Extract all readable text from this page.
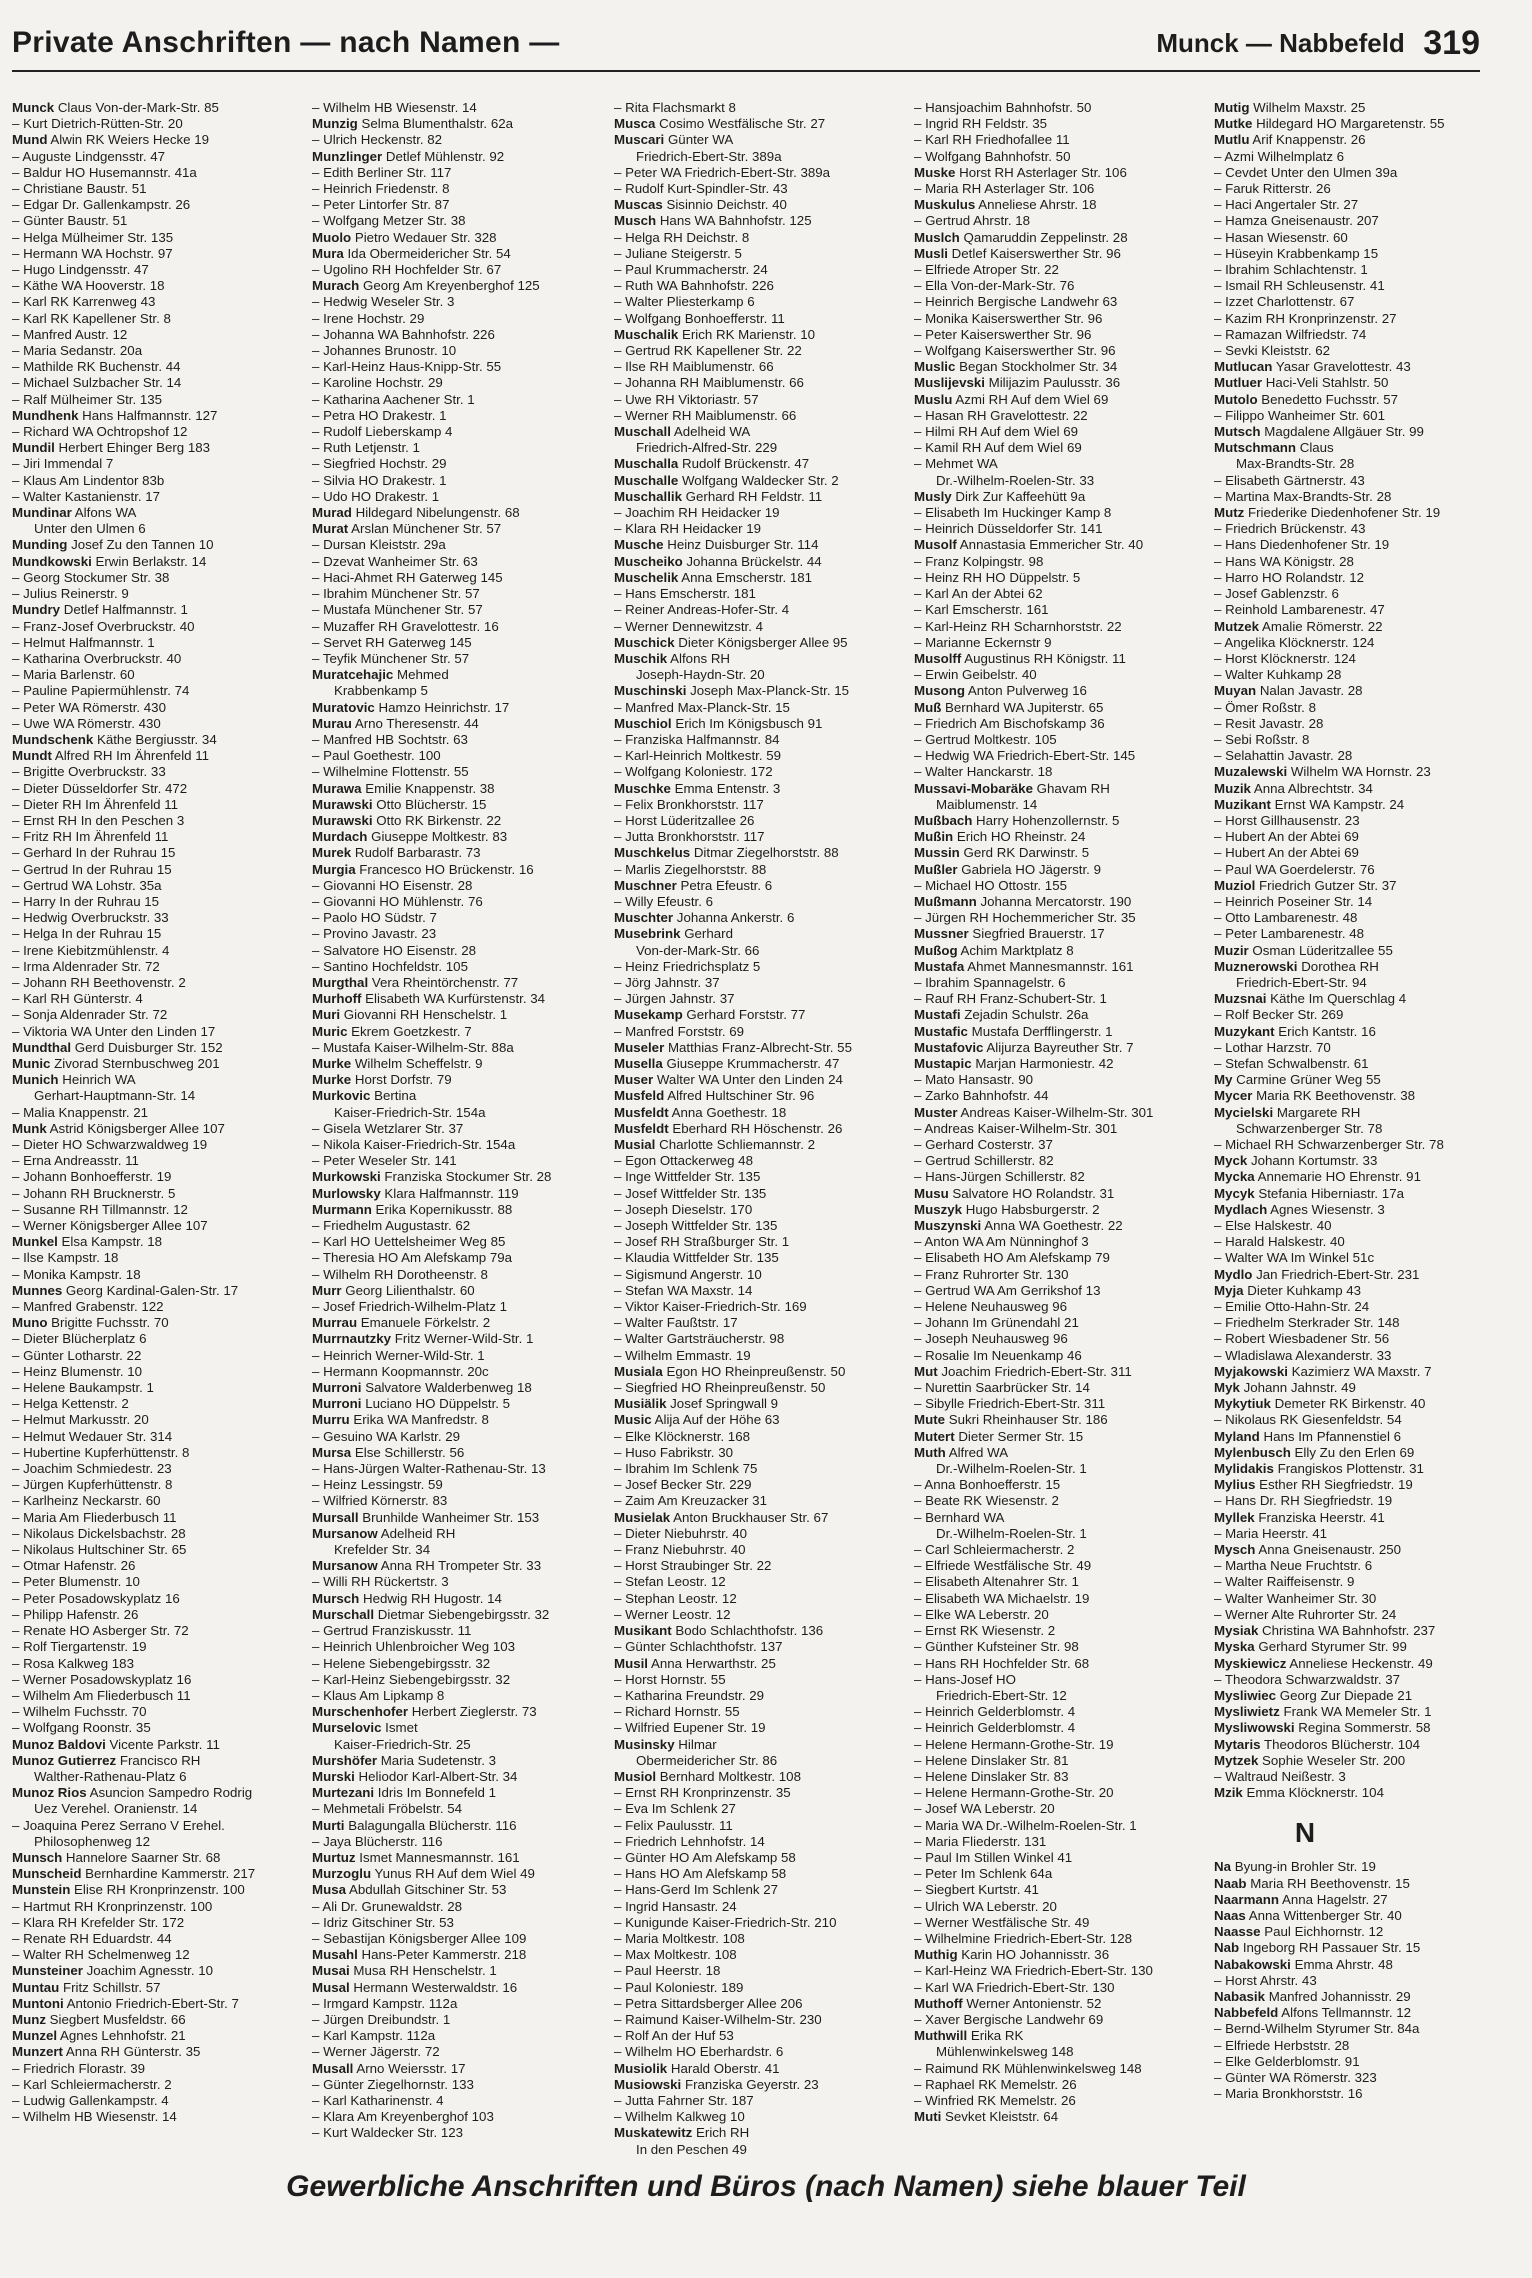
Private Anschriften — nach Namen —	Munck — Nabbefeld 319
Munck Claus Von-der-Mark-Str. 85
– Kurt Dietrich-Rütten-Str. 20
Mund Alwin RK Weiers Hecke 19
– Auguste Lindgensstr. 47
– Baldur HO Husemannstr. 41a
– Christiane Baustr. 51
– Edgar Dr. Gallenkampstr. 26
– Günter Baustr. 51
– Helga Mülheimer Str. 135
– Hermann WA Hochstr. 97
– Hugo Lindgensstr. 47
– Käthe WA Hooverstr. 18
– Karl RK Karrenweg 43
– Karl RK Kapellener Str. 8
– Manfred Austr. 12
– Maria Sedanstr. 20a
– Mathilde RK Buchenstr. 44
– Michael Sulzbacher Str. 14
– Ralf Mülheimer Str. 135
Mundhenk Hans Halfmannstr. 127
– Richard WA Ochtropshof 12
Mundil Herbert Ehinger Berg 183
– Jiri Immendal 7
– Klaus Am Lindentor 83b
– Walter Kastanienstr. 17
Mundinar Alfons WA
Unter den Ulmen 6
Munding Josef Zu den Tannen 10
Mundkowski Erwin Berlakstr. 14
– Georg Stockumer Str. 38
– Julius Reinerstr. 9
Mundry Detlef Halfmannstr. 1
– Franz-Josef Overbruckstr. 40
– Helmut Halfmannstr. 1
– Katharina Overbruckstr. 40
– Maria Barlenstr. 60
– Pauline Papiermühlenstr. 74
– Peter WA Römerstr. 430
– Uwe WA Römerstr. 430
Mundschenk Käthe Bergiusstr. 34
Mundt Alfred RH Im Ährenfeld 11
– Brigitte Overbruckstr. 33
– Dieter Düsseldorfer Str. 472
– Dieter RH Im Ährenfeld 11
– Ernst RH In den Peschen 3
– Fritz RH Im Ährenfeld 11
– Gerhard In der Ruhrau 15
– Gertrud In der Ruhrau 15
– Gertrud WA Lohstr. 35a
– Harry In der Ruhrau 15
– Hedwig Overbruckstr. 33
– Helga In der Ruhrau 15
– Irene Kiebitzmühlenstr. 4
– Irma Aldenrader Str. 72
– Johann RH Beethovenstr. 2
– Karl RH Günterstr. 4
– Sonja Aldenrader Str. 72
– Viktoria WA Unter den Linden 17
Mundthal Gerd Duisburger Str. 152
Munic Zivorad Sternbuschweg 201
Munich Heinrich WA
Gerhart-Hauptmann-Str. 14
– Malia Knappenstr. 21
Munk Astrid Königsberger Allee 107
– Dieter HO Schwarzwaldweg 19
– Erna Andreasstr. 11
– Johann Bonhoefferstr. 19
– Johann RH Brucknerstr. 5
– Susanne RH Tillmannstr. 12
– Werner Königsberger Allee 107
Munkel Elsa Kampstr. 18
– Ilse Kampstr. 18
– Monika Kampstr. 18
Munnes Georg Kardinal-Galen-Str. 17
– Manfred Grabenstr. 122
Muno Brigitte Fuchsstr. 70
– Dieter Blücherplatz 6
– Günter Lotharstr. 22
– Heinz Blumenstr. 10
– Helene Baukampstr. 1
– Helga Kettenstr. 2
– Helmut Markusstr. 20
– Helmut Wedauer Str. 314
– Hubertine Kupferhüttenstr. 8
– Joachim Schmiedestr. 23
– Jürgen Kupferhüttenstr. 8
– Karlheinz Neckarstr. 60
– Maria Am Fliederbusch 11
– Nikolaus Dickelsbachstr. 28
– Nikolaus Hultschiner Str. 65
– Otmar Hafenstr. 26
– Peter Blumenstr. 10
– Peter Posadowskyplatz 16
– Philipp Hafenstr. 26
– Renate HO Asberger Str. 72
– Rolf Tiergartenstr. 19
– Rosa Kalkweg 183
– Werner Posadowskyplatz 16
– Wilhelm Am Fliederbusch 11
– Wilhelm Fuchsstr. 70
– Wolfgang Roonstr. 35
Munoz Baldovi Vicente Parkstr. 11
Munoz Gutierrez Francisco RH
Walther-Rathenau-Platz 6
Munoz Rios Asuncion Sampedro Rodrig
Uez Verehel. Oranienstr. 14
– Joaquina Perez Serrano V Erehel.
Philosophenweg 12
Munsch Hannelore Saarner Str. 68
Munscheid Bernhardine Kammerstr. 217
Munstein Elise RH Kronprinzenstr. 100
– Hartmut RH Kronprinzenstr. 100
– Klara RH Krefelder Str. 172
– Renate RH Eduardstr. 44
– Walter RH Schelmenweg 12
Munsteiner Joachim Agnesstr. 10
Muntau Fritz Schillstr. 57
Muntoni Antonio Friedrich-Ebert-Str. 7
Munz Siegbert Musfeldstr. 66
Munzel Agnes Lehnhofstr. 21
Munzert Anna RH Günterstr. 35
– Friedrich Florastr. 39
– Karl Schleiermacherstr. 2
– Ludwig Gallenkampstr. 4
– Wilhelm HB Wiesenstr. 14
– Wilhelm HB Wiesenstr. 14
Munzig Selma Blumenthalstr. 62a
– Ulrich Heckenstr. 82
Munzlinger Detlef Mühlenstr. 92
– Edith Berliner Str. 117
– Heinrich Friedenstr. 8
– Peter Lintorfer Str. 87
– Wolfgang Metzer Str. 38
Muolo Pietro Wedauer Str. 328
Mura Ida Obermeidericher Str. 54
– Ugolino RH Hochfelder Str. 67
Murach Georg Am Kreyenberghof 125
– Hedwig Weseler Str. 3
– Irene Hochstr. 29
– Johanna WA Bahnhofstr. 226
– Johannes Brunostr. 10
– Karl-Heinz Haus-Knipp-Str. 55
– Karoline Hochstr. 29
– Katharina Aachener Str. 1
– Petra HO Drakestr. 1
– Rudolf Lieberskamp 4
– Ruth Letjenstr. 1
– Siegfried Hochstr. 29
– Silvia HO Drakestr. 1
– Udo HO Drakestr. 1
Murad Hildegard Nibelungenstr. 68
Murat Arslan Münchener Str. 57
– Dursan Kleiststr. 29a
– Dzevat Wanheimer Str. 63
– Haci-Ahmet RH Gaterweg 145
– Ibrahim Münchener Str. 57
– Mustafa Münchener Str. 57
– Muzaffer RH Gravelottestr. 16
– Servet RH Gaterweg 145
– Teyfik Münchener Str. 57
Muratcehajic Mehmed
Krabbenkamp 5
Muratovic Hamzo Heinrichstr. 17
Murau Arno Theresenstr. 44
– Manfred HB Sochtstr. 63
– Paul Goethestr. 100
– Wilhelmine Flottenstr. 55
Murawa Emilie Knappenstr. 38
Murawski Otto Blücherstr. 15
Murawski Otto RK Birkenstr. 22
Murdach Giuseppe Moltkestr. 83
Murek Rudolf Barbarastr. 73
Murgia Francesco HO Brückenstr. 16
– Giovanni HO Eisenstr. 28
– Giovanni HO Mühlenstr. 76
– Paolo HO Südstr. 7
– Provino Javastr. 23
– Salvatore HO Eisenstr. 28
– Santino Hochfeldstr. 105
Murgthal Vera Rheintörchenstr. 77
Murhoff Elisabeth WA Kurfürstenstr. 34
Muri Giovanni RH Henschelstr. 1
Muric Ekrem Goetzkestr. 7
– Mustafa Kaiser-Wilhelm-Str. 88a
Murke Wilhelm Scheffelstr. 9
Murke Horst Dorfstr. 79
Murkovic Bertina
Kaiser-Friedrich-Str. 154a
– Gisela Wetzlarer Str. 37
– Nikola Kaiser-Friedrich-Str. 154a
– Peter Weseler Str. 141
Murkowski Franziska Stockumer Str. 28
Murlowsky Klara Halfmannstr. 119
Murmann Erika Kopernikusstr. 88
– Friedhelm Augustastr. 62
– Karl HO Uettelsheimer Weg 85
– Theresia HO Am Alefskamp 79a
– Wilhelm RH Dorotheenstr. 8
Murr Georg Lilienthalstr. 60
– Josef Friedrich-Wilhelm-Platz 1
Murrau Emanuele Förkelstr. 2
Murrnautzky Fritz Werner-Wild-Str. 1
– Heinrich Werner-Wild-Str. 1
– Hermann Koopmannstr. 20c
Murroni Salvatore Walderbenweg 18
Murroni Luciano HO Düppelstr. 5
Murru Erika WA Manfredstr. 8
– Gesuino WA Karlstr. 29
Mursa Else Schillerstr. 56
– Hans-Jürgen Walter-Rathenau-Str. 13
– Heinz Lessingstr. 59
– Wilfried Körnerstr. 83
Mursall Brunhilde Wanheimer Str. 153
Mursanow Adelheid RH
Krefelder Str. 34
Mursanow Anna RH Trompeter Str. 33
– Willi RH Rückertstr. 3
Mursch Hedwig RH Hugostr. 14
Murschall Dietmar Siebengebirgsstr. 32
– Gertrud Franziskusstr. 11
– Heinrich Uhlenbroicher Weg 103
– Helene Siebengebirgsstr. 32
– Karl-Heinz Siebengebirgsstr. 32
– Klaus Am Lipkamp 8
Murschenhofer Herbert Zieglerstr. 73
Murselovic Ismet
Kaiser-Friedrich-Str. 25
Murshöfer Maria Sudetenstr. 3
Murski Heliodor Karl-Albert-Str. 34
Murtezani Idris Im Bonnefeld 1
– Mehmetali Fröbelstr. 54
Murti Balagungalla Blücherstr. 116
– Jaya Blücherstr. 116
Murtuz Ismet Mannesmannstr. 161
Murzoglu Yunus RH Auf dem Wiel 49
Musa Abdullah Gitschiner Str. 53
– Ali Dr. Grunewaldstr. 28
– Idriz Gitschiner Str. 53
– Sebastijan Königsberger Allee 109
Musahl Hans-Peter Kammerstr. 218
Musai Musa RH Henschelstr. 1
Musal Hermann Westerwaldstr. 16
– Irmgard Kampstr. 112a
– Jürgen Dreibundstr. 1
– Karl Kampstr. 112a
– Werner Jägerstr. 72
Musall Arno Weiersstr. 17
– Günter Ziegelhornstr. 133
– Karl Katharinenstr. 4
– Klara Am Kreyenberghof 103
– Kurt Waldecker Str. 123
– Rita Flachsmarkt 8
Musca Cosimo Westfälische Str. 27
Muscari Günter WA
Friedrich-Ebert-Str. 389a
– Peter WA Friedrich-Ebert-Str. 389a
– Rudolf Kurt-Spindler-Str. 43
Muscas Sisinnio Deichstr. 40
Musch Hans WA Bahnhofstr. 125
– Helga RH Deichstr. 8
– Juliane Steigerstr. 5
– Paul Krummacherstr. 24
– Ruth WA Bahnhofstr. 226
– Walter Pliesterkamp 6
– Wolfgang Bonhoefferstr. 11
Muschalik Erich RK Marienstr. 10
– Gertrud RK Kapellener Str. 22
– Ilse RH Maiblumenstr. 66
– Johanna RH Maiblumenstr. 66
– Uwe RH Viktoriastr. 57
– Werner RH Maiblumenstr. 66
Muschall Adelheid WA
Friedrich-Alfred-Str. 229
Muschalla Rudolf Brückenstr. 47
Muschalle Wolfgang Waldecker Str. 2
Muschallik Gerhard RH Feldstr. 11
– Joachim RH Heidacker 19
– Klara RH Heidacker 19
Musche Heinz Duisburger Str. 114
Muscheiko Johanna Brückelstr. 44
Muschelik Anna Emscherstr. 181
– Hans Emscherstr. 181
– Reiner Andreas-Hofer-Str. 4
– Werner Dennewitzstr. 4
Muschick Dieter Königsberger Allee 95
Muschik Alfons RH
Joseph-Haydn-Str. 20
Muschinski Joseph Max-Planck-Str. 15
– Manfred Max-Planck-Str. 15
Muschiol Erich Im Königsbusch 91
– Franziska Halfmannstr. 84
– Karl-Heinrich Moltkestr. 59
– Wolfgang Koloniestr. 172
Muschke Emma Entenstr. 3
– Felix Bronkhorststr. 117
– Horst Lüderitzallee 26
– Jutta Bronkhorststr. 117
Muschkelus Ditmar Ziegelhorststr. 88
– Marlis Ziegelhorststr. 88
Muschner Petra Efeustr. 6
– Willy Efeustr. 6
Muschter Johanna Ankerstr. 6
Musebrink Gerhard
Von-der-Mark-Str. 66
– Heinz Friedrichsplatz 5
– Jörg Jahnstr. 37
– Jürgen Jahnstr. 37
Musekamp Gerhard Forststr. 77
– Manfred Forststr. 69
Museler Matthias Franz-Albrecht-Str. 55
Musella Giuseppe Krummacherstr. 47
Muser Walter WA Unter den Linden 24
Musfeld Alfred Hultschiner Str. 96
Musfeldt Anna Goethestr. 18
Musfeldt Eberhard RH Höschenstr. 26
Musial Charlotte Schliemannstr. 2
– Egon Ottackerweg 48
– Inge Wittfelder Str. 135
– Josef Wittfelder Str. 135
– Joseph Dieselstr. 170
– Joseph Wittfelder Str. 135
– Josef RH Straßburger Str. 1
– Klaudia Wittfelder Str. 135
– Sigismund Angerstr. 10
– Stefan WA Maxstr. 14
– Viktor Kaiser-Friedrich-Str. 169
– Walter Faußtstr. 17
– Walter Gartsträucherstr. 98
– Wilhelm Emmastr. 19
Musiala Egon HO Rheinpreußenstr. 50
– Siegfried HO Rheinpreußenstr. 50
Musiälik Josef Springwall 9
Music Alija Auf der Höhe 63
– Elke Klöcknerstr. 168
– Huso Fabrikstr. 30
– Ibrahim Im Schlenk 75
– Josef Becker Str. 229
– Zaim Am Kreuzacker 31
Musielak Anton Bruckhauser Str. 67
– Dieter Niebuhrstr. 40
– Franz Niebuhrstr. 40
– Horst Straubinger Str. 22
– Stefan Leostr. 12
– Stephan Leostr. 12
– Werner Leostr. 12
Musikant Bodo Schlachthofstr. 136
– Günter Schlachthofstr. 137
Musil Anna Herwarthstr. 25
– Horst Hornstr. 55
– Katharina Freundstr. 29
– Richard Hornstr. 55
– Wilfried Eupener Str. 19
Musinsky Hilmar
Obermeidericher Str. 86
Musiol Bernhard Moltkestr. 108
– Ernst RH Kronprinzenstr. 35
– Eva Im Schlenk 27
– Felix Paulusstr. 11
– Friedrich Lehnhofstr. 14
– Günter HO Am Alefskamp 58
– Hans HO Am Alefskamp 58
– Hans-Gerd Im Schlenk 27
– Ingrid Hansastr. 24
– Kunigunde Kaiser-Friedrich-Str. 210
– Maria Moltkestr. 108
– Max Moltkestr. 108
– Paul Heerstr. 18
– Paul Koloniestr. 189
– Petra Sittardsberger Allee 206
– Raimund Kaiser-Wilhelm-Str. 230
– Rolf An der Huf 53
– Wilhelm HO Eberhardstr. 6
Musiolik Harald Oberstr. 41
Musiowski Franziska Geyerstr. 23
– Jutta Fahrner Str. 187
– Wilhelm Kalkweg 10
Muskatewitz Erich RH
In den Peschen 49
– Hansjoachim Bahnhofstr. 50
– Ingrid RH Feldstr. 35
– Karl RH Friedhofallee 11
– Wolfgang Bahnhofstr. 50
Muske Horst RH Asterlager Str. 106
– Maria RH Asterlager Str. 106
Muskulus Anneliese Ahrstr. 18
– Gertrud Ahrstr. 18
Muslch Qamaruddin Zeppelinstr. 28
Musli Detlef Kaiserswerther Str. 96
– Elfriede Atroper Str. 22
– Ella Von-der-Mark-Str. 76
– Heinrich Bergische Landwehr 63
– Monika Kaiserswerther Str. 96
– Peter Kaiserswerther Str. 96
– Wolfgang Kaiserswerther Str. 96
Muslic Began Stockholmer Str. 34
Muslijevski Milijazim Paulusstr. 36
Muslu Azmi RH Auf dem Wiel 69
– Hasan RH Gravelottestr. 22
– Hilmi RH Auf dem Wiel 69
– Kamil RH Auf dem Wiel 69
– Mehmet WA
Dr.-Wilhelm-Roelen-Str. 33
Musly Dirk Zur Kaffeehütt 9a
– Elisabeth Im Huckinger Kamp 8
– Heinrich Düsseldorfer Str. 141
Musolf Annastasia Emmericher Str. 40
– Franz Kolpingstr. 98
– Heinz RH HO Düppelstr. 5
– Karl An der Abtei 62
– Karl Emscherstr. 161
– Karl-Heinz RH Scharnhorststr. 22
– Marianne Eckernstr 9
Musolff Augustinus RH Königstr. 11
– Erwin Geibelstr. 40
Musong Anton Pulverweg 16
Muß Bernhard WA Jupiterstr. 65
– Friedrich Am Bischofskamp 36
– Gertrud Moltkestr. 105
– Hedwig WA Friedrich-Ebert-Str. 145
– Walter Hanckarstr. 18
Mussavi-Mobaräke Ghavam RH
Maiblumenstr. 14
Mußbach Harry Hohenzollernstr. 5
Mußin Erich HO Rheinstr. 24
Mussin Gerd RK Darwinstr. 5
Mußler Gabriela HO Jägerstr. 9
– Michael HO Ottostr. 155
Mußmann Johanna Mercatorstr. 190
– Jürgen RH Hochemmericher Str. 35
Mussner Siegfried Brauerstr. 17
Mußog Achim Marktplatz 8
Mustafa Ahmet Mannesmannstr. 161
– Ibrahim Spannagelstr. 6
– Rauf RH Franz-Schubert-Str. 1
Mustafi Zejadin Schulstr. 26a
Mustafic Mustafa Derfflingerstr. 1
Mustafovic Alijurza Bayreuther Str. 7
Mustapic Marjan Harmoniestr. 42
– Mato Hansastr. 90
– Zarko Bahnhofstr. 44
Muster Andreas Kaiser-Wilhelm-Str. 301
– Andreas Kaiser-Wilhelm-Str. 301
– Gerhard Costerstr. 37
– Gertrud Schillerstr. 82
– Hans-Jürgen Schillerstr. 82
Musu Salvatore HO Rolandstr. 31
Muszyk Hugo Habsburgerstr. 2
Muszynski Anna WA Goethestr. 22
– Anton WA Am Nünninghof 3
– Elisabeth HO Am Alefskamp 79
– Franz Ruhrorter Str. 130
– Gertrud WA Am Gerrikshof 13
– Helene Neuhausweg 96
– Johann Im Grünendahl 21
– Joseph Neuhausweg 96
– Rosalie Im Neuenkamp 46
Mut Joachim Friedrich-Ebert-Str. 311
– Nurettin Saarbrücker Str. 14
– Sibylle Friedrich-Ebert-Str. 311
Mute Sukri Rheinhauser Str. 186
Mutert Dieter Sermer Str. 15
Muth Alfred WA
Dr.-Wilhelm-Roelen-Str. 1
– Anna Bonhoefferstr. 15
– Beate RK Wiesenstr. 2
– Bernhard WA
Dr.-Wilhelm-Roelen-Str. 1
– Carl Schleiermacherstr. 2
– Elfriede Westfälische Str. 49
– Elisabeth Altenahrer Str. 1
– Elisabeth WA Michaelstr. 19
– Elke WA Leberstr. 20
– Ernst RK Wiesenstr. 2
– Günther Kufsteiner Str. 98
– Hans RH Hochfelder Str. 68
– Hans-Josef HO
Friedrich-Ebert-Str. 12
– Heinrich Gelderblomstr. 4
– Heinrich Gelderblomstr. 4
– Helene Hermann-Grothe-Str. 19
– Helene Dinslaker Str. 81
– Helene Dinslaker Str. 83
– Helene Hermann-Grothe-Str. 20
– Josef WA Leberstr. 20
– Maria WA Dr.-Wilhelm-Roelen-Str. 1
– Maria Fliederstr. 131
– Paul Im Stillen Winkel 41
– Peter Im Schlenk 64a
– Siegbert Kurtstr. 41
– Ulrich WA Leberstr. 20
– Werner Westfälische Str. 49
– Wilhelmine Friedrich-Ebert-Str. 128
Muthig Karin HO Johannisstr. 36
– Karl-Heinz WA Friedrich-Ebert-Str. 130
– Karl WA Friedrich-Ebert-Str. 130
Muthoff Werner Antonienstr. 52
– Xaver Bergische Landwehr 69
Muthwill Erika RK
Mühlenwinkelsweg 148
– Raimund RK Mühlenwinkelsweg 148
– Raphael RK Memelstr. 26
– Winfried RK Memelstr. 26
Muti Sevket Kleiststr. 64
Mutig Wilhelm Maxstr. 25
Mutke Hildegard HO Margaretenstr. 55
Mutlu Arif Knappenstr. 26
– Azmi Wilhelmplatz 6
– Cevdet Unter den Ulmen 39a
– Faruk Ritterstr. 26
– Haci Angertaler Str. 27
– Hamza Gneisenaustr. 207
– Hasan Wiesenstr. 60
– Hüseyin Krabbenkamp 15
– Ibrahim Schlachtenstr. 1
– Ismail RH Schleusenstr. 41
– Izzet Charlottenstr. 67
– Kazim RH Kronprinzenstr. 27
– Ramazan Wilfriedstr. 74
– Sevki Kleiststr. 62
Mutlucan Yasar Gravelottestr. 43
Mutluer Haci-Veli Stahlstr. 50
Mutolo Benedetto Fuchsstr. 57
– Filippo Wanheimer Str. 601
Mutsch Magdalene Allgäuer Str. 99
Mutschmann Claus
Max-Brandts-Str. 28
– Elisabeth Gärtnerstr. 43
– Martina Max-Brandts-Str. 28
Mutz Friederike Diedenhofener Str. 19
– Friedrich Brückenstr. 43
– Hans Diedenhofener Str. 19
– Hans WA Königstr. 28
– Harro HO Rolandstr. 12
– Josef Gablenzstr. 6
– Reinhold Lambarenestr. 47
Mutzek Amalie Römerstr. 22
– Angelika Klöcknerstr. 124
– Horst Klöcknerstr. 124
– Walter Kuhkamp 28
Muyan Nalan Javastr. 28
– Ömer Roßstr. 8
– Resit Javastr. 28
– Sebi Roßstr. 8
– Selahattin Javastr. 28
Muzalewski Wilhelm WA Hornstr. 23
Muzik Anna Albrechtstr. 34
Muzikant Ernst WA Kampstr. 24
– Horst Gillhausenstr. 23
– Hubert An der Abtei 69
– Hubert An der Abtei 69
– Paul WA Goerdelerstr. 76
Muziol Friedrich Gutzer Str. 37
– Heinrich Poseiner Str. 14
– Otto Lambarenestr. 48
– Peter Lambarenestr. 48
Muzir Osman Lüderitzallee 55
Muznerowski Dorothea RH
Friedrich-Ebert-Str. 94
Muzsnai Käthe Im Querschlag 4
– Rolf Becker Str. 269
Muzykant Erich Kantstr. 16
– Lothar Harzstr. 70
– Stefan Schwalbenstr. 61
My Carmine Grüner Weg 55
Mycer Maria RK Beethovenstr. 38
Mycielski Margarete RH
Schwarzenberger Str. 78
– Michael RH Schwarzenberger Str. 78
Myck Johann Kortumstr. 33
Mycka Annemarie HO Ehrenstr. 91
Mycyk Stefania Hiberniastr. 17a
Mydlach Agnes Wiesenstr. 3
– Else Halskestr. 40
– Harald Halskestr. 40
– Walter WA Im Winkel 51c
Mydlo Jan Friedrich-Ebert-Str. 231
Myja Dieter Kuhkamp 43
– Emilie Otto-Hahn-Str. 24
– Friedhelm Sterkrader Str. 148
– Robert Wiesbadener Str. 56
– Wladislawa Alexanderstr. 33
Myjakowski Kazimierz WA Maxstr. 7
Myk Johann Jahnstr. 49
Mykytiuk Demeter RK Birkenstr. 40
– Nikolaus RK Giesenfeldstr. 54
Myland Hans Im Pfannenstiel 6
Mylenbusch Elly Zu den Erlen 69
Mylidakis Frangiskos Plottenstr. 31
Mylius Esther RH Siegfriedstr. 19
– Hans Dr. RH Siegfriedstr. 19
Myllek Franziska Heerstr. 41
– Maria Heerstr. 41
Mysch Anna Gneisenaustr. 250
– Martha Neue Fruchtstr. 6
– Walter Raiffeisenstr. 9
– Walter Wanheimer Str. 30
– Werner Alte Ruhrorter Str. 24
Mysiak Christina WA Bahnhofstr. 237
Myska Gerhard Styrumer Str. 99
Myskiewicz Anneliese Heckenstr. 49
– Theodora Schwarzwaldstr. 37
Mysliwiec Georg Zur Diepade 21
Mysliwietz Frank WA Memeler Str. 1
Mysliwowski Regina Sommerstr. 58
Mytaris Theodoros Blücherstr. 104
Mytzek Sophie Weseler Str. 200
– Waltraud Neißestr. 3
Mzik Emma Klöcknerstr. 104
N
Na Byung-in Brohler Str. 19
Naab Maria RH Beethovenstr. 15
Naarmann Anna Hagelstr. 27
Naas Anna Wittenberger Str. 40
Naasse Paul Eichhornstr. 12
Nab Ingeborg RH Passauer Str. 15
Nabakowski Emma Ahrstr. 48
– Horst Ahrstr. 43
Nabasik Manfred Johannisstr. 29
Nabbefeld Alfons Tellmannstr. 12
– Bernd-Wilhelm Styrumer Str. 84a
– Elfriede Herbststr. 28
– Elke Gelderblomstr. 91
– Günter WA Römerstr. 323
– Maria Bronkhorststr. 16
Gewerbliche Anschriften und Büros (nach Namen) siehe blauer Teil
